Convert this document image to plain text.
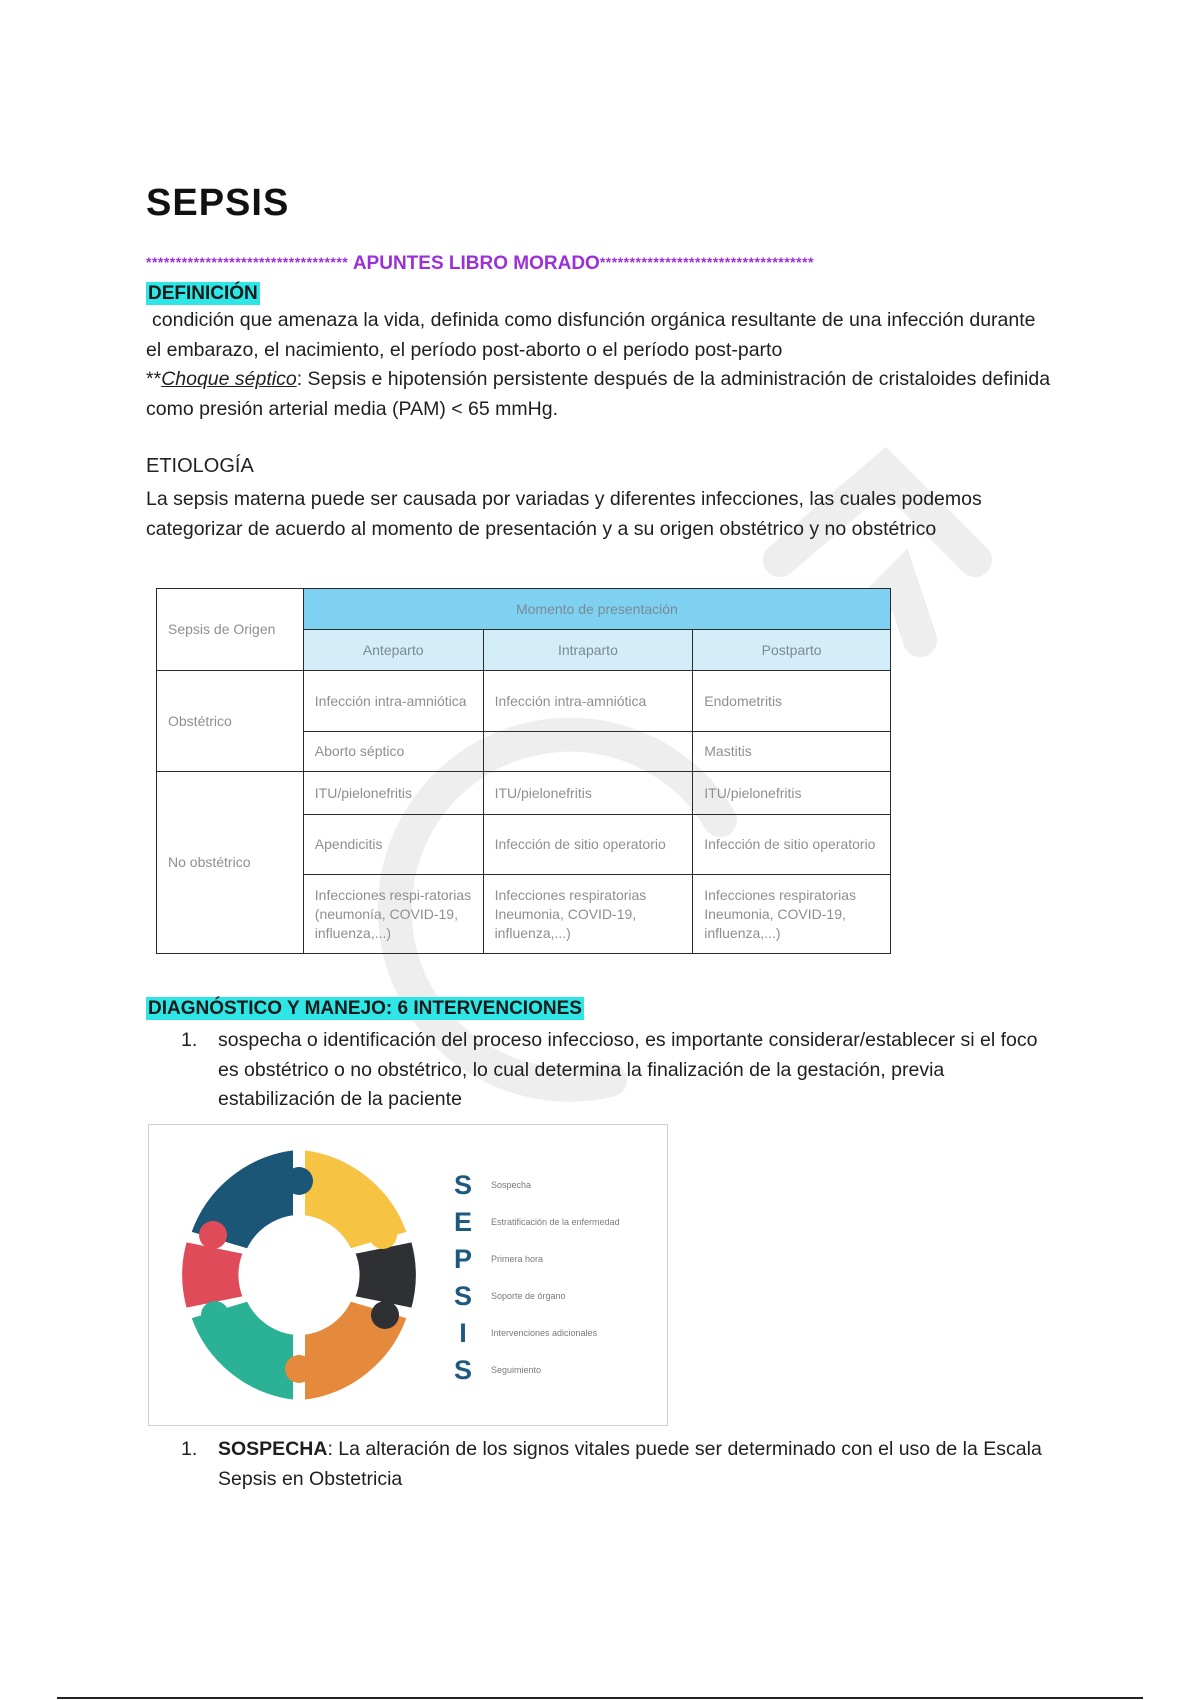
SEPSIS
********************************** APUNTES LIBRO MORADO************************************
DEFINICIÓN
condición que amenaza la vida, definida como disfunción orgánica resultante de una infección durante el embarazo, el nacimiento, el período post-aborto o el período post-parto
**Choque séptico: Sepsis e hipotensión persistente después de la administración de cristaloides definida como presión arterial media (PAM) < 65 mmHg.
ETIOLOGÍA
La sepsis materna puede ser causada por variadas y diferentes infecciones, las cuales podemos categorizar de acuerdo al momento de presentación y a su origen obstétrico y no obstétrico
DIAGNÓSTICO Y MANEJO: 6 INTERVENCIONES
1. sospecha o identificación del proceso infeccioso, es importante considerar/establecer si el foco es obstétrico o no obstétrico, lo cual determina la finalización de la gestación, previa estabilización de la paciente
1. SOSPECHA: La alteración de los signos vitales puede ser determinado con el uso de la Escala Sepsis en Obstetricia
Sepsis de Origen	Momento de presentación		
	Anteparto	Intraparto	Postparto
Obstétrico	Infección intra-amniótica	Infección intra-amniótica	Endometritis
	Aborto séptico		Mastitis
No obstétrico	ITU/pielonefritis	ITU/pielonefritis	ITU/pielonefritis
	Apendicitis	Infección de sitio operatorio	Infección de sitio operatorio
	Infecciones respi-ratorias (neumonía, COVID-19, influenza,...)	Infecciones respiratorias Ineumonia, COVID-19, influenza,...)	Infecciones respiratorias Ineumonia, COVID-19, influenza,...)
S	Sospecha
E	Estratificación de la enfermedad
P	Primera hora
S	Soporte de órgano
I	Intervenciones adicionales
S	Seguimiento
